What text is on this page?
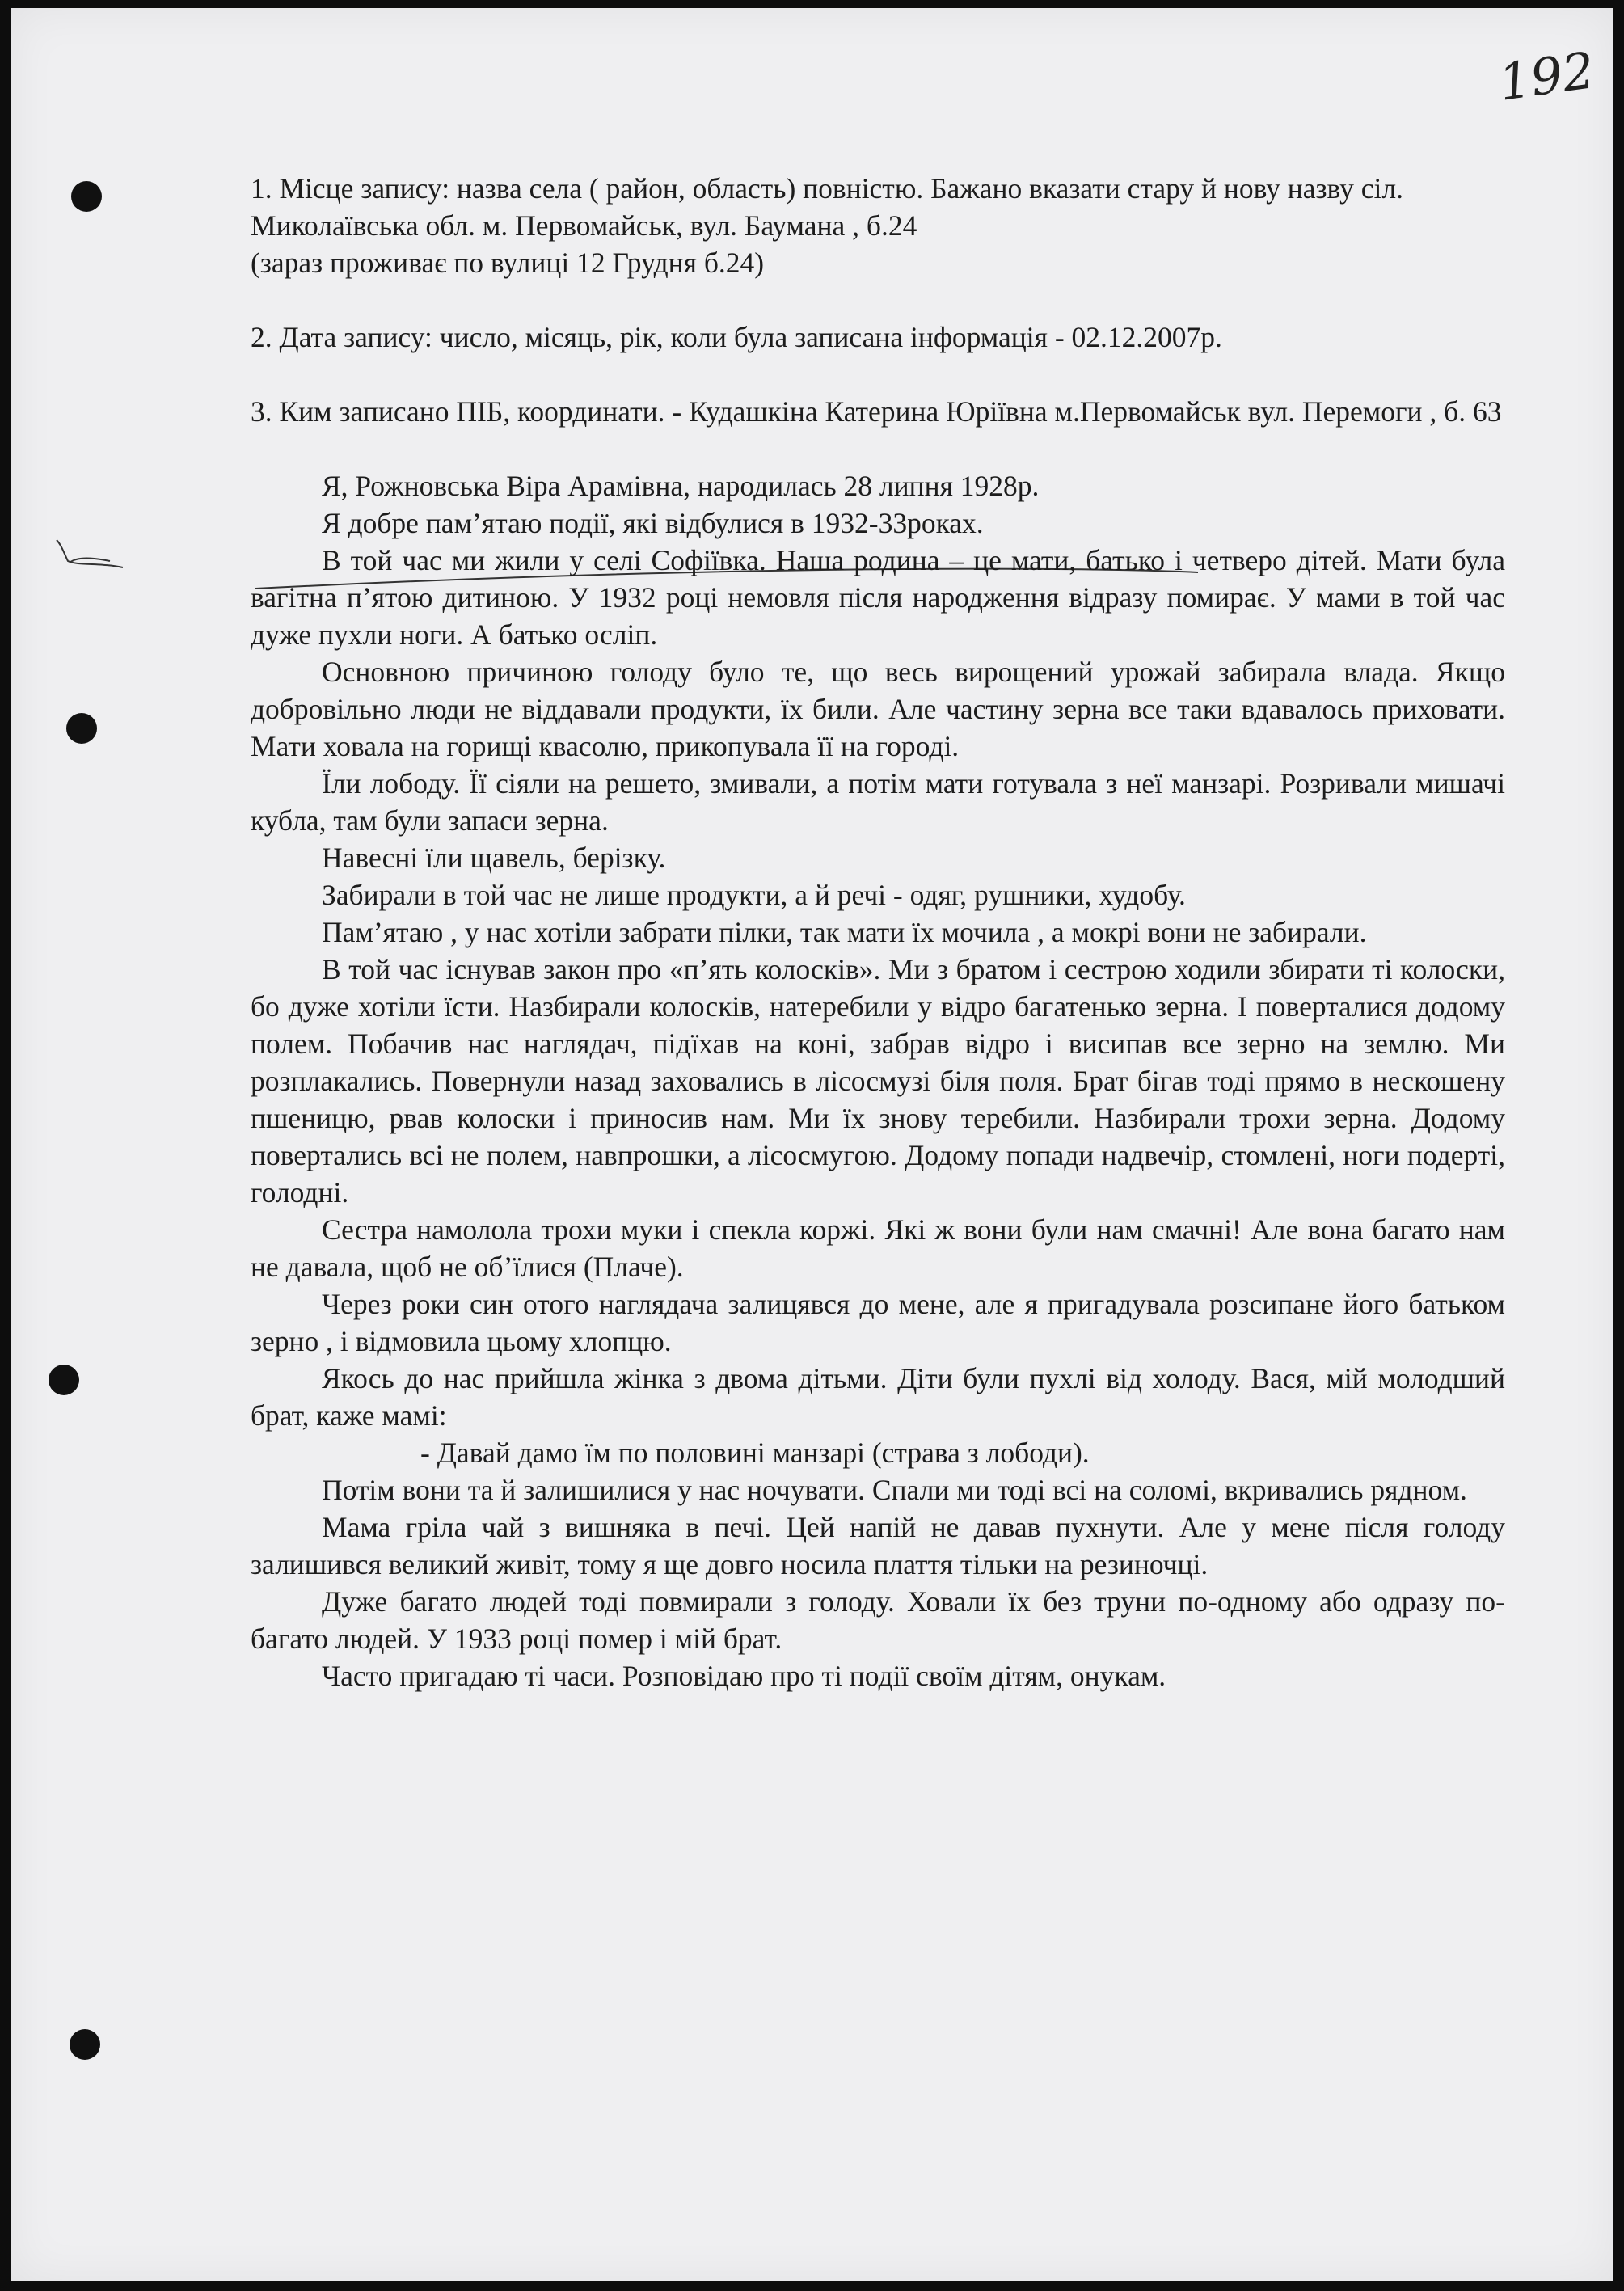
192

1. Місце запису: назва села ( район, область) повністю. Бажано вказати стару й нову назву сіл.

Миколаївська обл. м. Первомайськ, вул. Баумана , б.24

(зараз проживає по вулиці 12 Грудня б.24)

2. Дата запису: число, місяць, рік, коли була записана інформація - 02.12.2007р.

3. Ким записано ПІБ, координати. - Кудашкіна Катерина Юріївна м.Первомайськ вул. Перемоги , б. 63

Я, Рожновська Віра Арамівна, народилась 28 липня 1928р.

Я добре пам’ятаю події, які відбулися в 1932-33роках.

В той час ми жили у селі Софіївка. Наша родина – це мати, батько і четверо дітей. Мати була вагітна п’ятою дитиною. У 1932 році немовля після народження відразу помирає. У мами в той час дуже пухли ноги. А батько осліп.

Основною причиною голоду було те, що весь вирощений урожай забирала влада. Якщо добровільно люди не віддавали продукти, їх били. Але частину зерна все таки вдавалось приховати. Мати ховала на горищі квасолю, прикопувала її на городі.

Їли лободу. Її сіяли на решето, змивали, а потім мати готувала з неї манзарі. Розривали мишачі кубла, там були запаси зерна.

Навесні їли щавель, берізку.

Забирали в той час не лише продукти, а й речі - одяг, рушники, худобу.

Пам’ятаю , у нас хотіли забрати пілки, так мати їх мочила , а мокрі вони не забирали.

В той час існував закон про «п’ять колосків». Ми з братом і сестрою ходили збирати ті колоски, бо дуже хотіли їсти. Назбирали колосків, натеребили у відро багатенько зерна. І поверталися додому полем. Побачив нас наглядач, підїхав на коні, забрав відро і висипав все зерно на землю. Ми розплакались. Повернули назад заховались в лісосмузі біля поля. Брат бігав тоді прямо в нескошену пшеницю, рвав колоски і приносив нам. Ми їх знову теребили. Назбирали трохи зерна. Додому повертались всі не полем, навпрошки, а лісосмугою. Додому попади надвечір, стомлені, ноги подерті, голодні.

Сестра намолола трохи муки і спекла коржі. Які ж вони були нам смачні! Але вона багато нам не давала, щоб не об’їлися (Плаче).

Через роки син отого наглядача залицявся до мене, але я пригадувала розсипане його батьком зерно , і відмовила цьому хлопцю.

Якось до нас прийшла жінка з двома дітьми. Діти були пухлі від холоду. Вася, мій молодший брат, каже мамі:

- Давай дамо їм по половині манзарі (страва з лободи).

Потім вони та й залишилися у нас ночувати. Спали ми тоді всі на соломі, вкривались рядном.

Мама гріла чай з вишняка в печі. Цей напій не давав пухнути. Але у мене після голоду залишився великий живіт, тому я ще довго носила плаття тільки на резиночці.

Дуже багато людей тоді повмирали з голоду. Ховали їх без труни по-одному або одразу по-багато людей. У 1933 році помер і мій брат.

Часто пригадаю ті часи. Розповідаю про ті події своїм дітям, онукам.
